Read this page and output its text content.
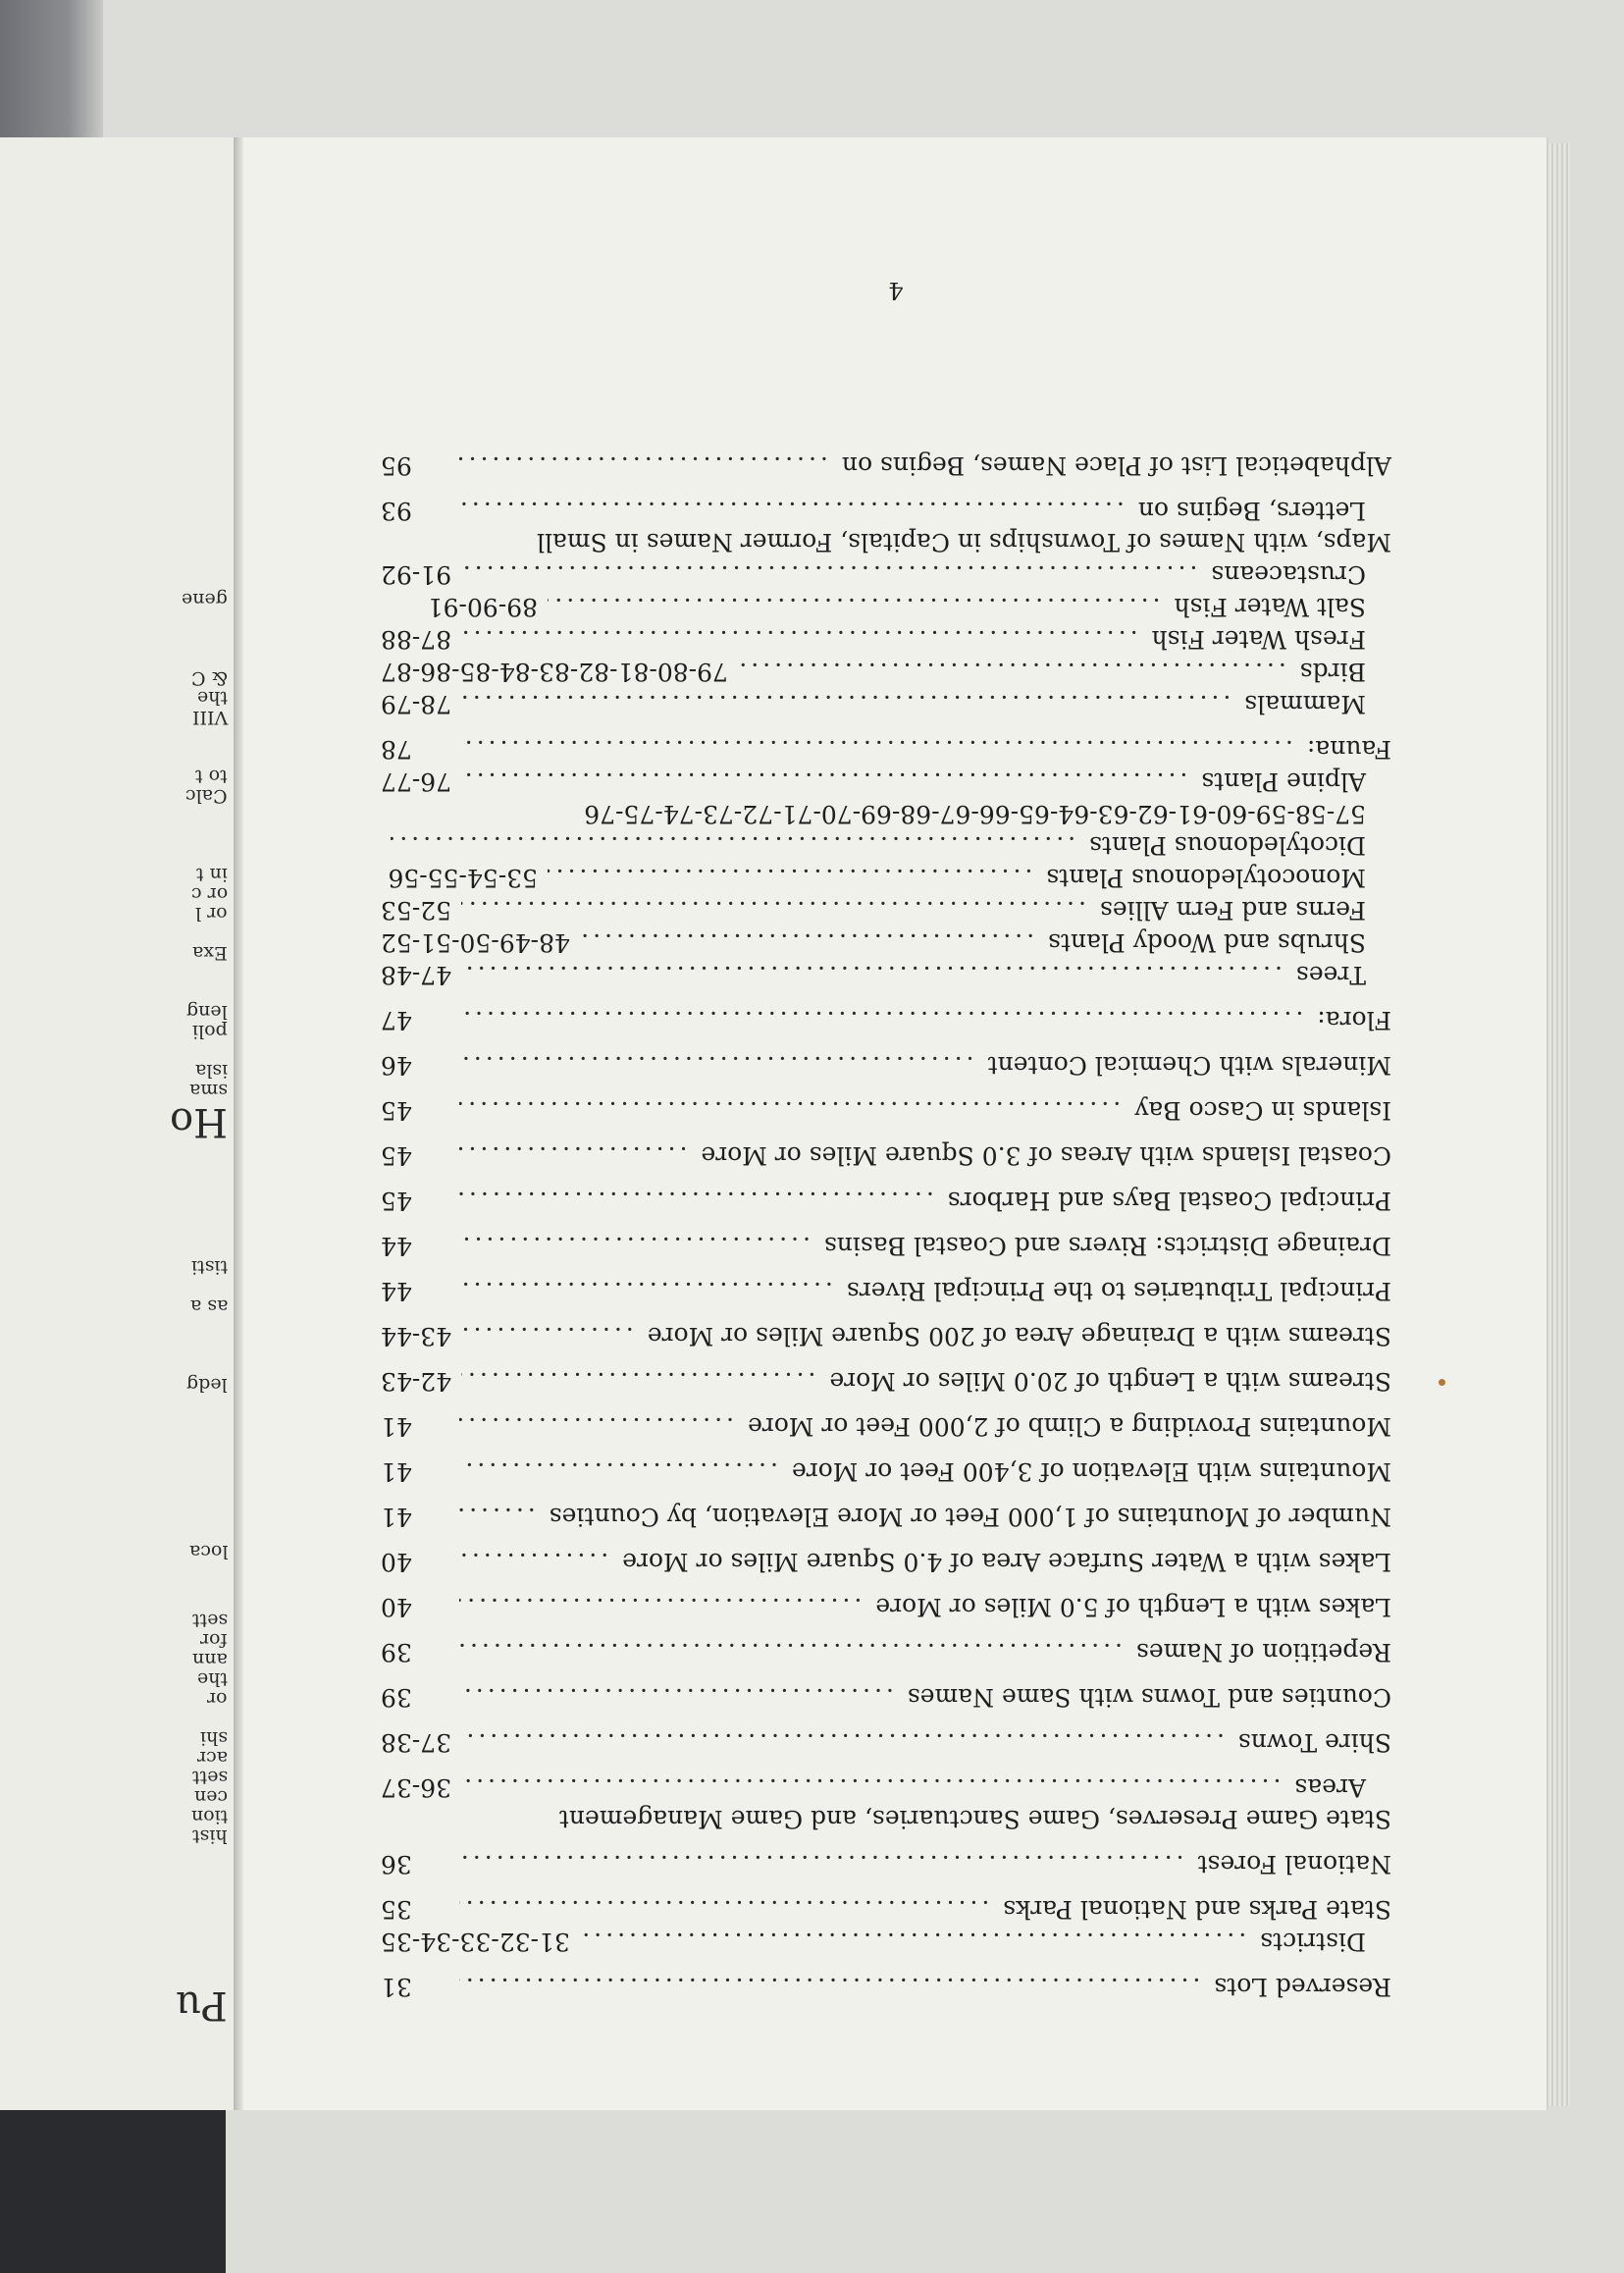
Pu
cen
tion
hist
shi
acr
sett
ann
the
or
sett
for
loca
ledg
as a
tisti
Ho
sma
isla
poli
leng
Exa
or l
or c
in t
Calc
to t
& C
the
VIII
gene
Reserved Lots
.....
31
Districts
.....
31-32-33-34-35
State Parks and National Parks
.....
35
National Forest
.....
36
State Game Preserves, Game Sanctuaries, and Game Management
Areas
.....
36-37
Shire Towns
.....
37-38
Counties and Towns with Same Names
.....
39
Repetition of Names
.....
39
Lakes with a Length of 5.0 Miles or More
.....
40
Lakes with a Water Surface Area of 4.0 Square Miles or More
.....
40
Number of Mountains of 1,000 Feet or More Elevation, by Counties
.....
41
Mountains with Elevation of 3,400 Feet or More
.....
41
Mountains Providing a Climb of 2,000 Feet or More
.....
41
Streams with a Length of 20.0 Miles or More
.....
42-43
Streams with a Drainage Area of 200 Square Miles or More
.....
43-44
Principal Tributaries to the Principal Rivers
.....
44
Drainage Districts: Rivers and Coastal Basins
.....
44
Principal Coastal Bays and Harbors
.....
45
Coastal Islands with Areas of 3.0 Square Miles or More
.....
45
Islands in Casco Bay
.....
45
Minerals with Chemical Content
.....
46
Flora:
.....
47
Trees
.....
47-48
Shrubs and Woody Plants
.....
48-49-50-51-52
Ferns and Fern Allies
.....
52-53
Monocotyledonous Plants
.....
53-54-55-56
Dicotyledonous Plants
.....
57-58-59-60-61-62-63-64-65-66-67-68-69-70-71-72-73-74-75-76
Alpine Plants
.....
76-77
Fauna:
.....
78
Mammals
.....
78-79
Birds
.....
79-80-81-82-83-84-85-86-87
Fresh Water Fish
.....
87-88
Salt Water Fish
.....
89-90-91
Crustaceans
.....
91-92
Maps, with Names of Townships in Capitals, Former Names in Small
Letters, Begins on
.....
93
Alphabetical List of Place Names, Begins on
.....
95
4
